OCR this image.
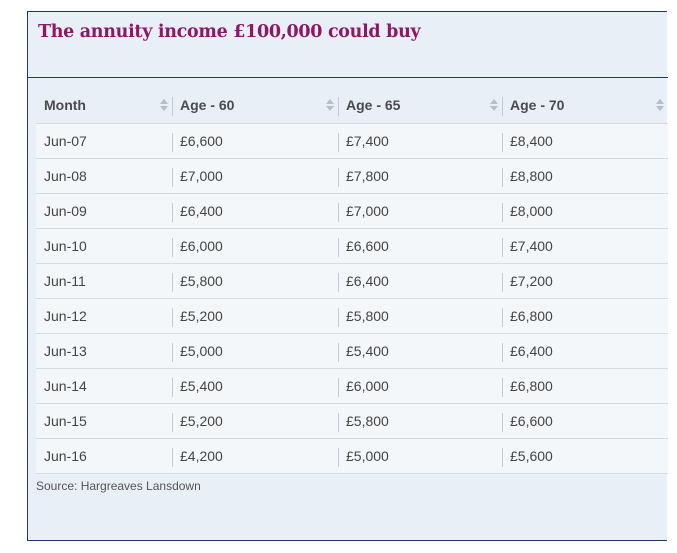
The annuity income £100,000 could buy
Month	Age - 60	Age - 65	Age - 70

Jun-07	£6,600	£7,400	£8,400
Jun-08	£7,000	£7,800	£8,800
Jun-09	£6,400	£7,000	£8,000
Jun-10	£6,000	£6,600	£7,400
Jun-11	£5,800	£6,400	£7,200
Jun-12	£5,200	£5,800	£6,800
Jun-13	£5,000	£5,400	£6,400
Jun-14	£5,400	£6,000	£6,800
Jun-15	£5,200	£5,800	£6,600
Jun-16	£4,200	£5,000	£5,600
Source: Hargreaves Lansdown
